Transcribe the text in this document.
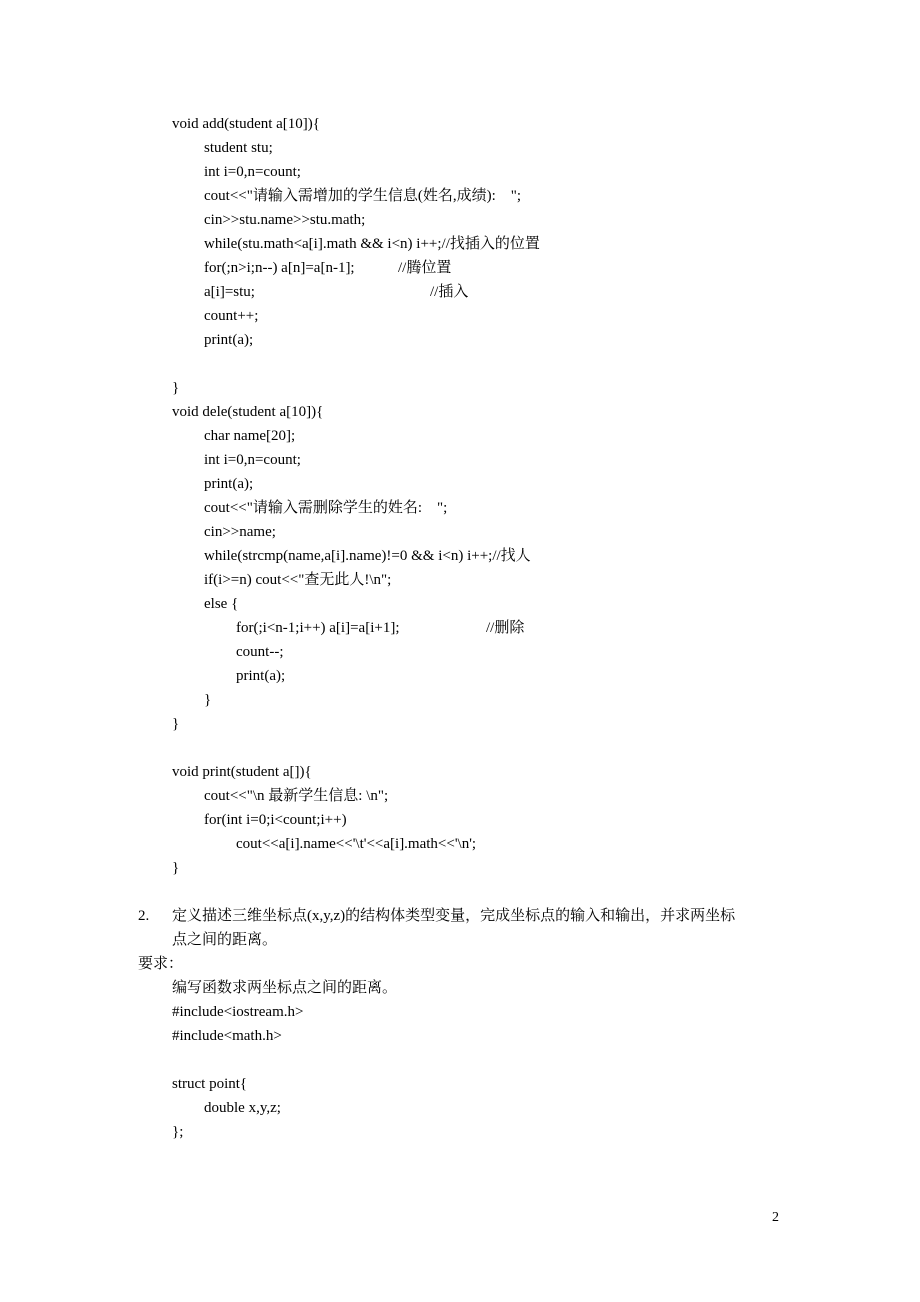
void add(student a[10]){
student stu;
int i=0,n=count;
cout<<"请输入需增加的学生信息(姓名,成绩):    ";
cin>>stu.name>>stu.math;
while(stu.math<a[i].math && i<n) i++;//找插入的位置
for(;n>i;n--) a[n]=a[n-1];	//腾位置
a[i]=stu;	//插入
count++;
print(a);
}
void dele(student a[10]){
char name[20];
int i=0,n=count;
print(a);
cout<<"请输入需删除学生的姓名:    ";
cin>>name;
while(strcmp(name,a[i].name)!=0 && i<n) i++;//找人
if(i>=n) cout<<"查无此人!\n";
else {
for(;i<n-1;i++) a[i]=a[i+1];	//删除
count--;
print(a);
}
}
void print(student a[]){
cout<<"\n 最新学生信息: \n";
for(int i=0;i<count;i++)
cout<<a[i].name<<'\t'<<a[i].math<<'\n';
}
2. 定义描述三维坐标点(x,y,z)的结构体类型变量，完成坐标点的输入和输出，并求两坐标
点之间的距离。
要求：
编写函数求两坐标点之间的距离。
#include<iostream.h>
#include<math.h>
struct point{
double x,y,z;
};
2
